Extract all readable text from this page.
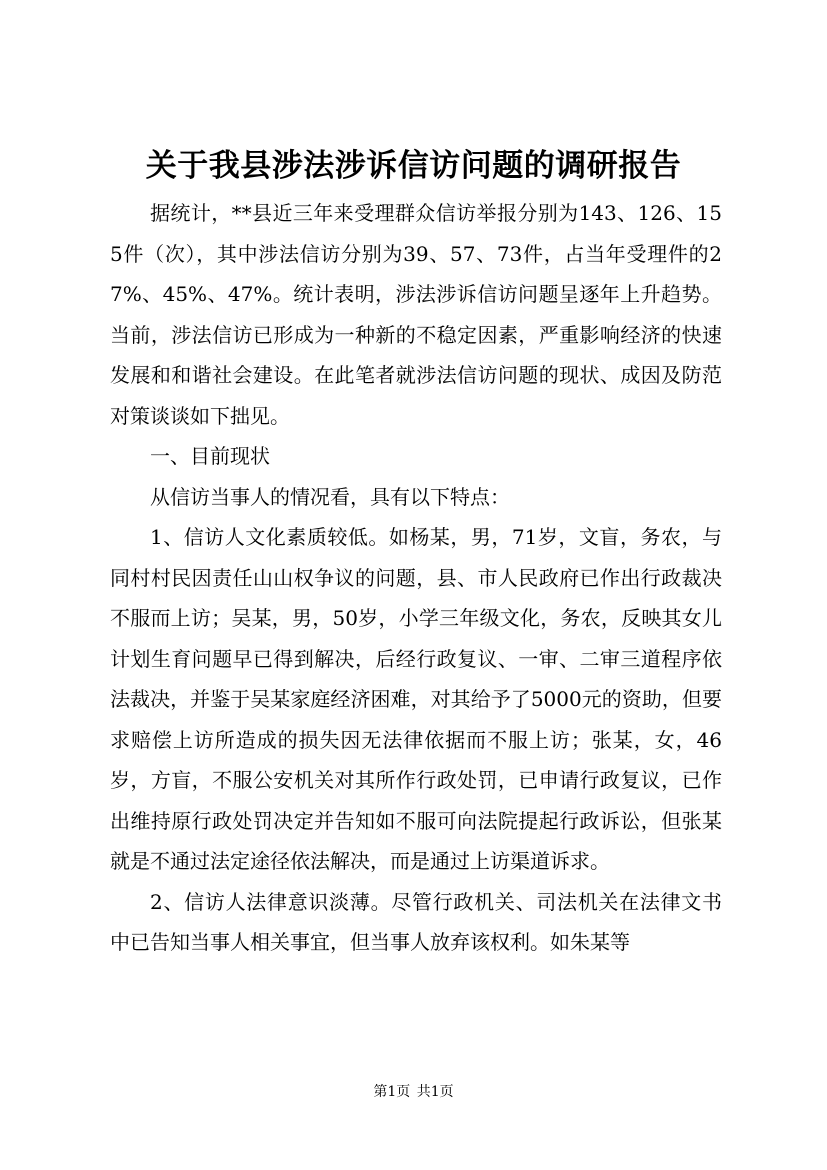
关于我县涉法涉诉信访问题的调研报告

据统计，**县近三年来受理群众信访举报分别为143、126、155件（次），其中涉法信访分别为39、57、73件，占当年受理件的27%、45%、47%。统计表明，涉法涉诉信访问题呈逐年上升趋势。当前，涉法信访已形成为一种新的不稳定因素，严重影响经济的快速发展和和谐社会建设。在此笔者就涉法信访问题的现状、成因及防范对策谈谈如下拙见。

一、目前现状

从信访当事人的情况看，具有以下特点：

1、信访人文化素质较低。如杨某，男，71岁，文盲，务农，与同村村民因责任山山权争议的问题，县、市人民政府已作出行政裁决不服而上访；吴某，男，50岁，小学三年级文化，务农，反映其女儿计划生育问题早已得到解决，后经行政复议、一审、二审三道程序依法裁决，并鉴于吴某家庭经济困难，对其给予了5000元的资助，但要求赔偿上访所造成的损失因无法律依据而不服上访；张某，女，46岁，方盲，不服公安机关对其所作行政处罚，已申请行政复议，已作出维持原行政处罚决定并告知如不服可向法院提起行政诉讼，但张某就是不通过法定途径依法解决，而是通过上访渠道诉求。

2、信访人法律意识淡薄。尽管行政机关、司法机关在法律文书中已告知当事人相关事宜，但当事人放弃该权利。如朱某等

第1页 共1页
